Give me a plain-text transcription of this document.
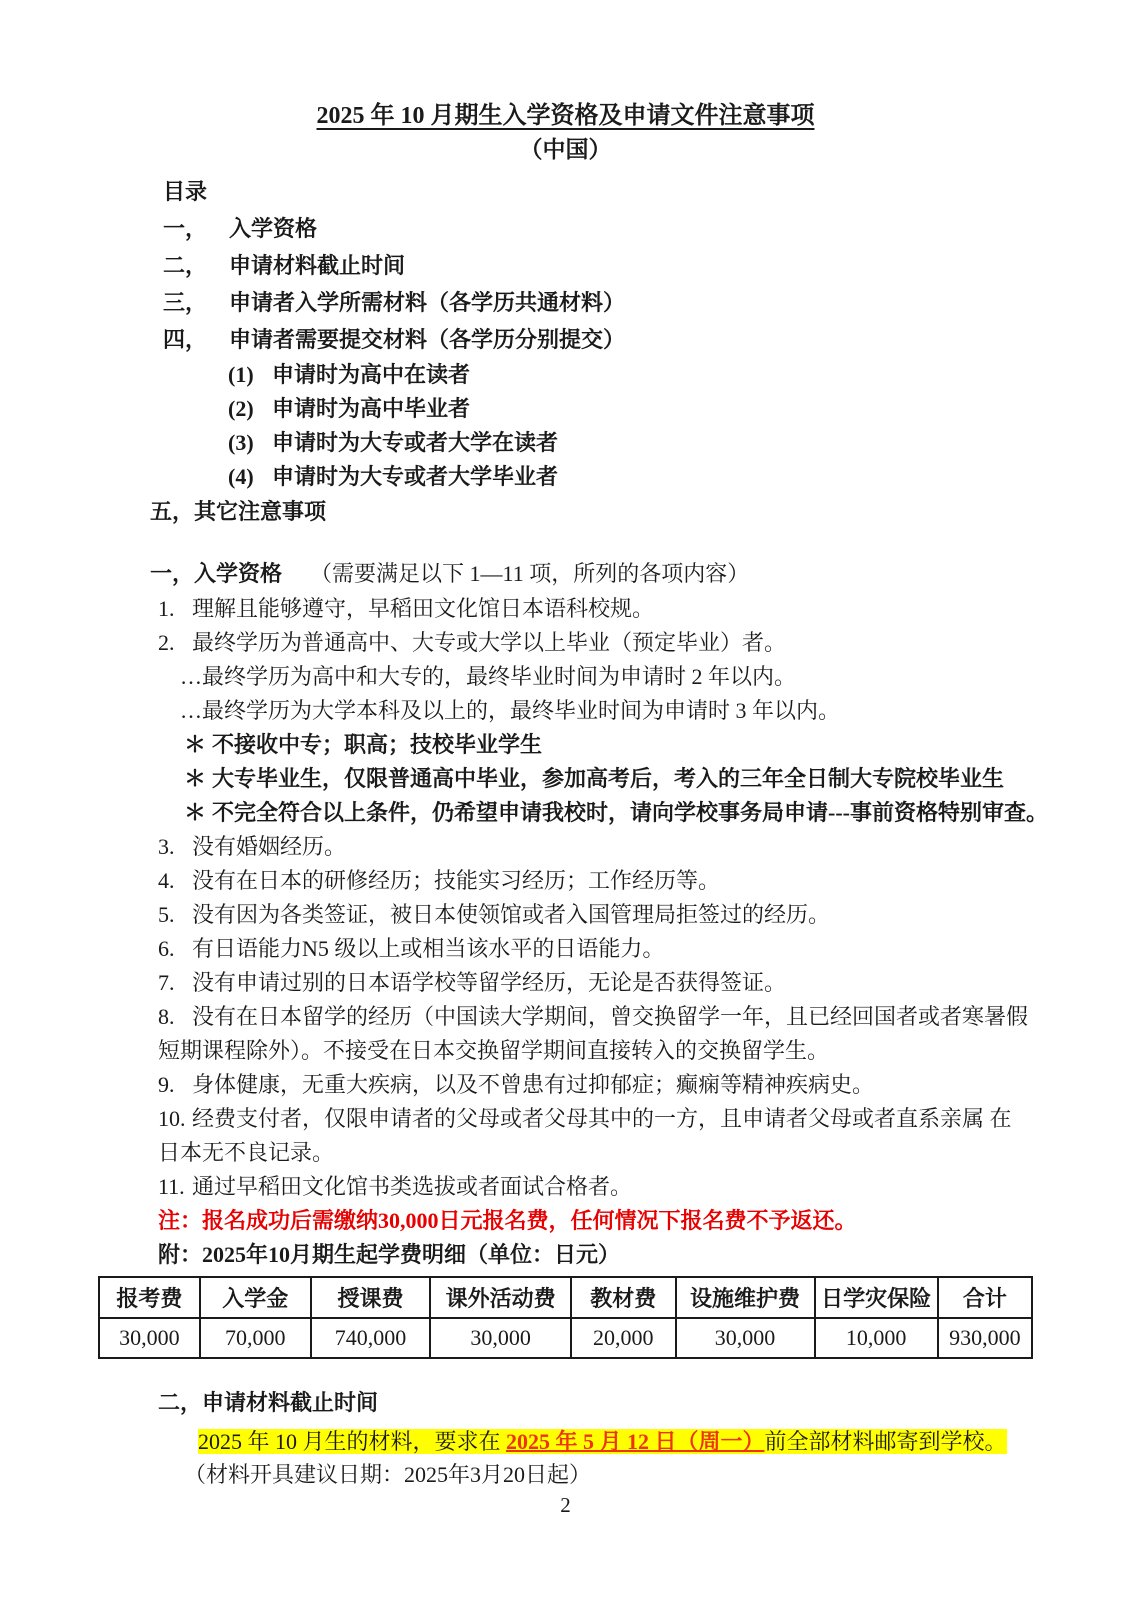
2025 年 10 月期生入学资格及申请文件注意事项
（中国）
目录
一， 入学资格
二， 申请材料截止时间
三， 申请者入学所需材料（各学历共通材料）
四， 申请者需要提交材料（各学历分别提交）
(1) 申请时为高中在读者
(2) 申请时为高中毕业者
(3) 申请时为大专或者大学在读者
(4) 申请时为大专或者大学毕业者
五，其它注意事项
一，入学资格 （需要满足以下 1—11 项，所列的各项内容）
1. 理解且能够遵守，早稻田文化馆日本语科校规。
2. 最终学历为普通高中、大专或大学以上毕业（预定毕业）者。
…最终学历为高中和大专的，最终毕业时间为申请时 2 年以内。
…最终学历为大学本科及以上的，最终毕业时间为申请时 3 年以内。
＊ 不接收中专；职高；技校毕业学生
＊ 大专毕业生，仅限普通高中毕业，参加高考后，考入的三年全日制大专院校毕业生
＊ 不完全符合以上条件，仍希望申请我校时，请向学校事务局申请---事前资格特别审查。
3. 没有婚姻经历。
4. 没有在日本的研修经历；技能实习经历；工作经历等。
5. 没有因为各类签证，被日本使领馆或者入国管理局拒签过的经历。
6. 有日语能力N5 级以上或相当该水平的日语能力。
7. 没有申请过别的日本语学校等留学经历，无论是否获得签证。
8. 没有在日本留学的经历（中国读大学期间，曾交换留学一年，且已经回国者或者寒暑假短期课程除外）。不接受在日本交换留学期间直接转入的交换留学生。
9. 身体健康，无重大疾病，以及不曾患有过抑郁症；癫痫等精神疾病史。
10. 经费支付者，仅限申请者的父母或者父母其中的一方，且申请者父母或者直系亲属 在日本无不良记录。
11. 通过早稻田文化馆书类选拔或者面试合格者。
注：报名成功后需缴纳30,000日元报名费，任何情况下报名费不予返还。
附：2025年10月期生起学费明细（单位：日元）
报考费	入学金	授课费	课外活动费	教材费	设施维护费	日学灾保险	合计
30,000	70,000	740,000	30,000	20,000	30,000	10,000	930,000
二，申请材料截止时间
2025 年 10 月生的材料，要求在 2025 年 5 月 12 日（周一）前全部材料邮寄到学校。
（材料开具建议日期：2025年3月20日起）
2
